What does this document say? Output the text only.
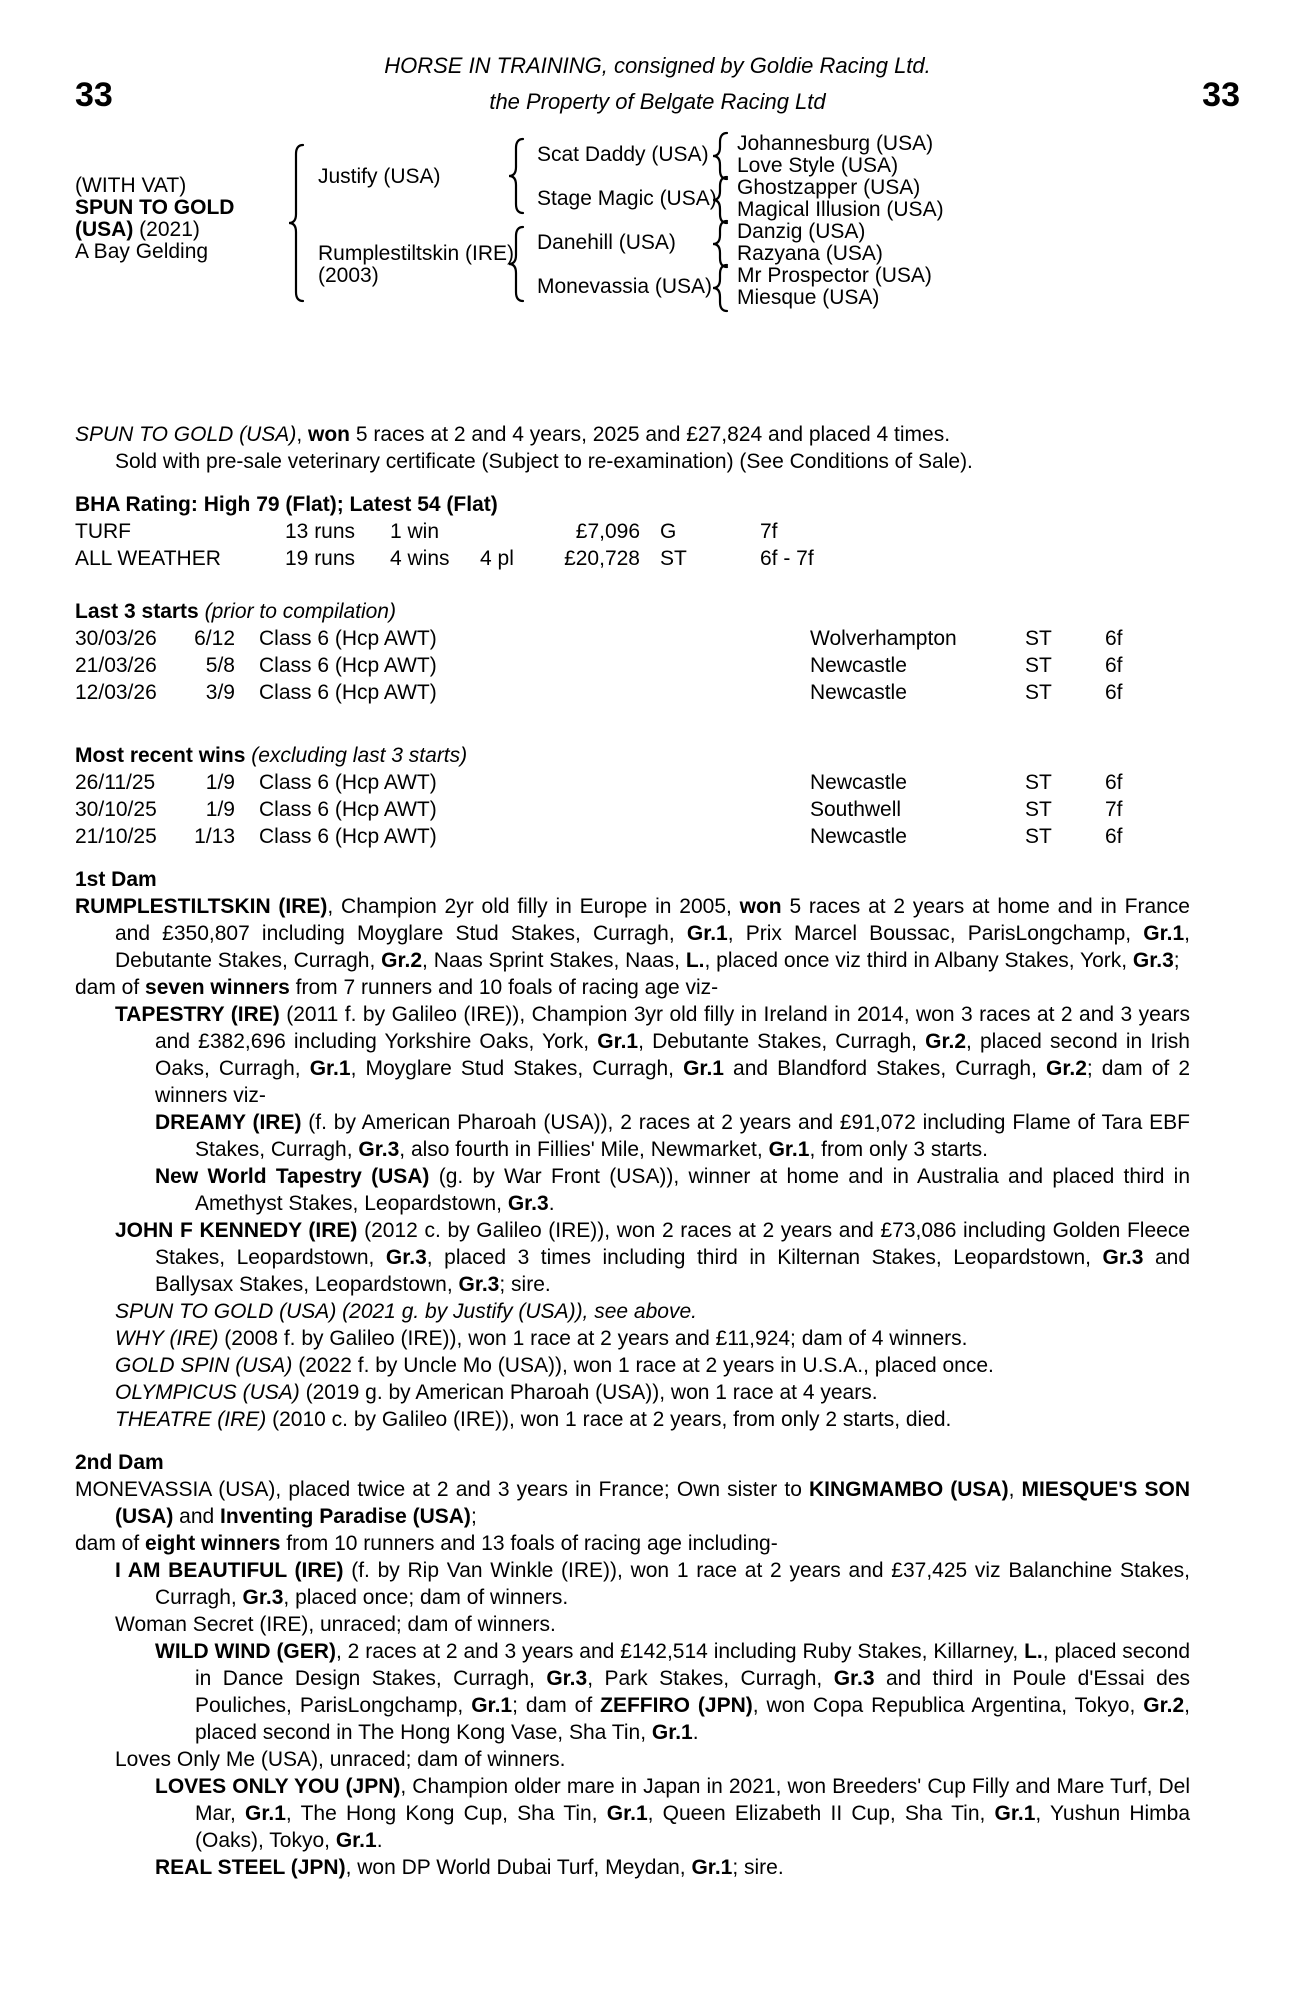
HORSE IN TRAINING, consigned by Goldie Racing Ltd.
33	the Property of Belgate Racing Ltd	33
(WITH VAT)
SPUN TO GOLD
(USA) (2021)
A Bay Gelding
Justify (USA)
Rumplestiltskin (IRE)
(2003)
Scat Daddy (USA)
Stage Magic (USA)
Danehill (USA)
Monevassia (USA)
Johannesburg (USA)
Love Style (USA)
Ghostzapper (USA)
Magical Illusion (USA)
Danzig (USA)
Razyana (USA)
Mr Prospector (USA)
Miesque (USA)

SPUN TO GOLD (USA), won 5 races at 2 and 4 years, 2025 and £27,824 and placed 4 times.

Sold with pre-sale veterinary certificate (Subject to re-examination) (See Conditions of Sale).

BHA Rating: High 79 (Flat); Latest 54 (Flat)
TURF	13 runs	1 win	£7,096 G	7f
ALL WEATHER	19 runs	4 wins	4 pl	£20,728 ST	6f - 7f
Last 3 starts (prior to compilation)
30/03/26	6/12	Class 6 (Hcp AWT)	Wolverhampton	ST	6f
21/03/26	5/8	Class 6 (Hcp AWT)	Newcastle	ST	6f
12/03/26	3/9	Class 6 (Hcp AWT)	Newcastle	ST	6f
Most recent wins (excluding last 3 starts)
26/11/25	1/9	Class 6 (Hcp AWT)	Newcastle	ST	6f
30/10/25	1/9	Class 6 (Hcp AWT)	Southwell	ST	7f
21/10/25	1/13	Class 6 (Hcp AWT)	Newcastle	ST	6f
1st Dam

RUMPLESTILTSKIN (IRE), Champion 2yr old filly in Europe in 2005, won 5 races at 2 years at home and in France and £350,807 including Moyglare Stud Stakes, Curragh, Gr.1, Prix Marcel Boussac, ParisLongchamp, Gr.1, Debutante Stakes, Curragh, Gr.2, Naas Sprint Stakes, Naas, L., placed once viz third in Albany Stakes, York, Gr.3;

dam of seven winners from 7 runners and 10 foals of racing age viz-

TAPESTRY (IRE) (2011 f. by Galileo (IRE)), Champion 3yr old filly in Ireland in 2014, won 3 races at 2 and 3 years and £382,696 including Yorkshire Oaks, York, Gr.1, Debutante Stakes, Curragh, Gr.2, placed second in Irish Oaks, Curragh, Gr.1, Moyglare Stud Stakes, Curragh, Gr.1 and Blandford Stakes, Curragh, Gr.2; dam of 2 winners viz-

DREAMY (IRE) (f. by American Pharoah (USA)), 2 races at 2 years and £91,072 including Flame of Tara EBF Stakes, Curragh, Gr.3, also fourth in Fillies' Mile, Newmarket, Gr.1, from only 3 starts.

New World Tapestry (USA) (g. by War Front (USA)), winner at home and in Australia and placed third in Amethyst Stakes, Leopardstown, Gr.3.

JOHN F KENNEDY (IRE) (2012 c. by Galileo (IRE)), won 2 races at 2 years and £73,086 including Golden Fleece Stakes, Leopardstown, Gr.3, placed 3 times including third in Kilternan Stakes, Leopardstown, Gr.3 and Ballysax Stakes, Leopardstown, Gr.3; sire.

SPUN TO GOLD (USA) (2021 g. by Justify (USA)), see above.

WHY (IRE) (2008 f. by Galileo (IRE)), won 1 race at 2 years and £11,924; dam of 4 winners.

GOLD SPIN (USA) (2022 f. by Uncle Mo (USA)), won 1 race at 2 years in U.S.A., placed once.

OLYMPICUS (USA) (2019 g. by American Pharoah (USA)), won 1 race at 4 years.

THEATRE (IRE) (2010 c. by Galileo (IRE)), won 1 race at 2 years, from only 2 starts, died.

2nd Dam

MONEVASSIA (USA), placed twice at 2 and 3 years in France; Own sister to KINGMAMBO (USA), MIESQUE'S SON (USA) and Inventing Paradise (USA);

dam of eight winners from 10 runners and 13 foals of racing age including-

I AM BEAUTIFUL (IRE) (f. by Rip Van Winkle (IRE)), won 1 race at 2 years and £37,425 viz Balanchine Stakes, Curragh, Gr.3, placed once; dam of winners.

Woman Secret (IRE), unraced; dam of winners.

WILD WIND (GER), 2 races at 2 and 3 years and £142,514 including Ruby Stakes, Killarney, L., placed second in Dance Design Stakes, Curragh, Gr.3, Park Stakes, Curragh, Gr.3 and third in Poule d'Essai des Pouliches, ParisLongchamp, Gr.1; dam of ZEFFIRO (JPN), won Copa Republica Argentina, Tokyo, Gr.2, placed second in The Hong Kong Vase, Sha Tin, Gr.1.

Loves Only Me (USA), unraced; dam of winners.

LOVES ONLY YOU (JPN), Champion older mare in Japan in 2021, won Breeders' Cup Filly and Mare Turf, Del Mar, Gr.1, The Hong Kong Cup, Sha Tin, Gr.1, Queen Elizabeth II Cup, Sha Tin, Gr.1, Yushun Himba (Oaks), Tokyo, Gr.1.

REAL STEEL (JPN), won DP World Dubai Turf, Meydan, Gr.1; sire.
